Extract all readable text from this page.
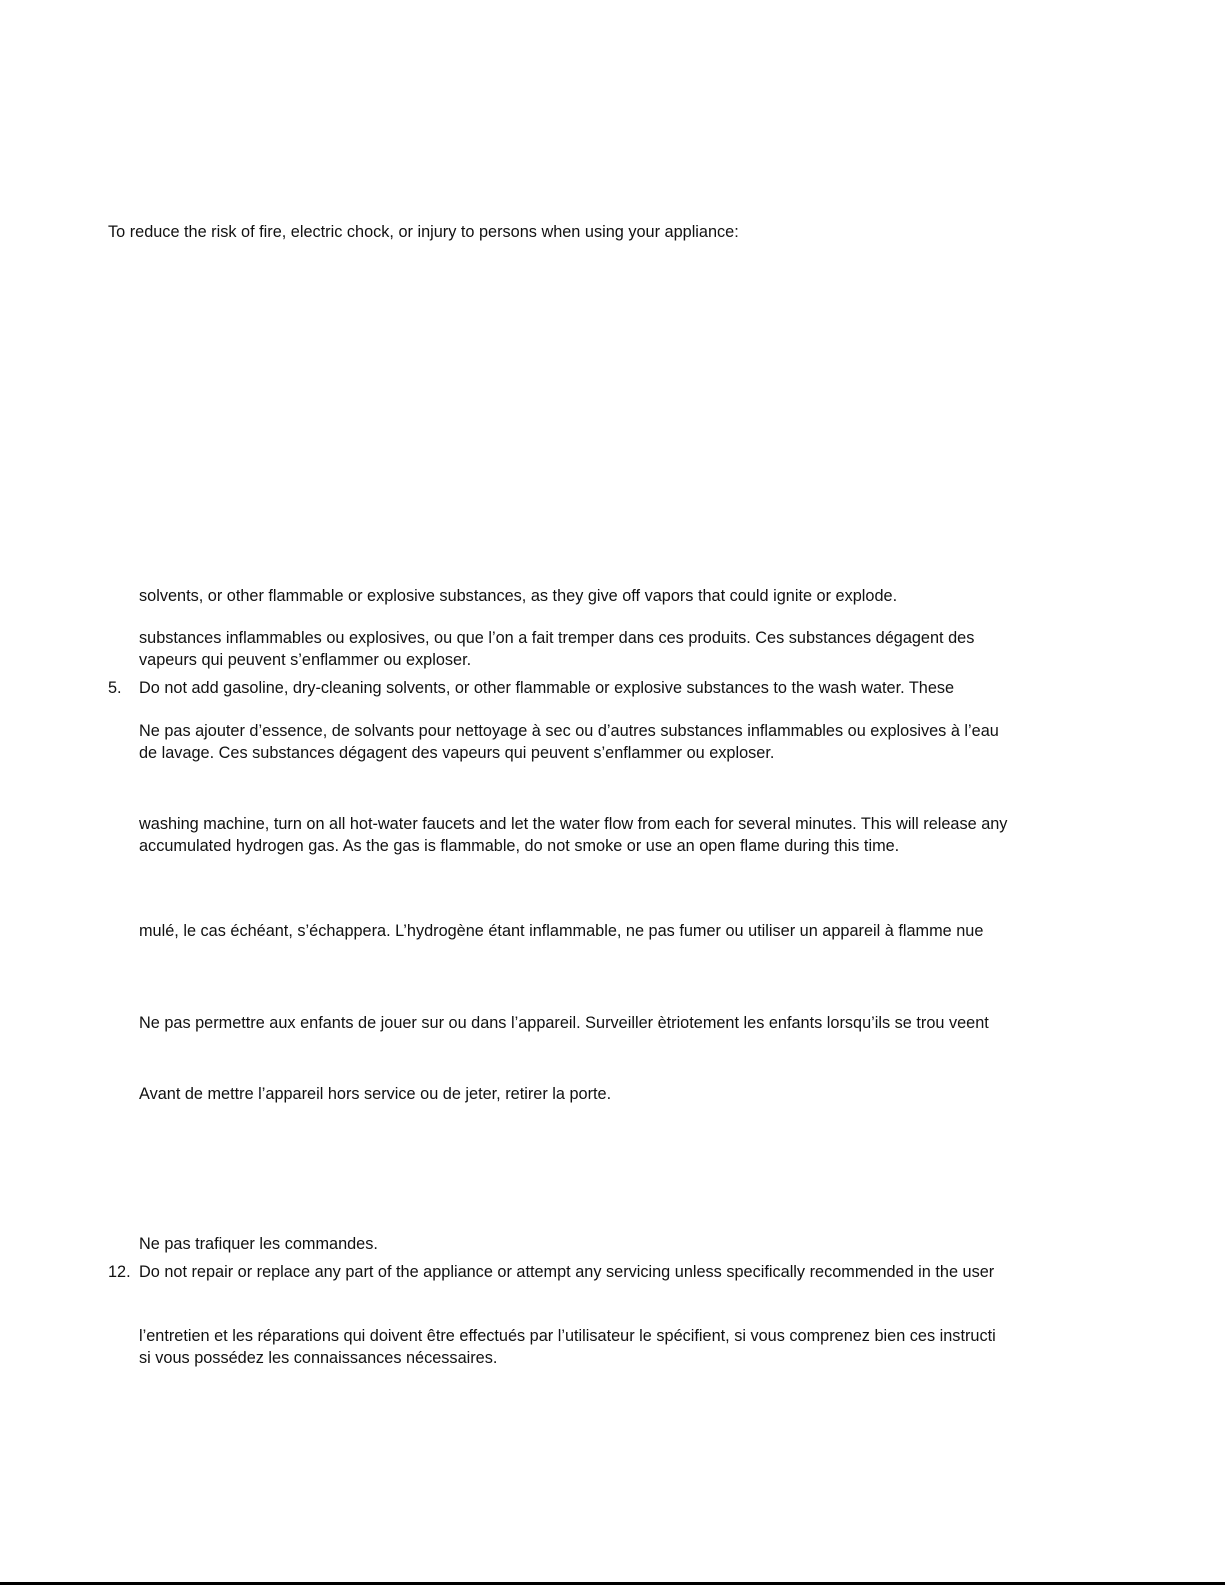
To reduce the risk of fire, electric chock, or injury to persons when using your appliance:
solvents, or other flammable or explosive substances, as they give off vapors that could ignite or explode.
substances inflammables ou explosives, ou que l’on a fait tremper dans ces produits. Ces substances dégagent des
vapeurs qui peuvent s’enflammer ou exploser.
5. Do not add gasoline, dry-cleaning solvents, or other flammable or explosive substances to the wash water. These
Ne pas ajouter d’essence, de solvants pour nettoyage à sec ou d’autres substances inflammables ou explosives à l’eau
de lavage. Ces substances dégagent des vapeurs qui peuvent s’enflammer ou exploser.
washing machine, turn on all hot-water faucets and let the water flow from each for several minutes. This will release any
accumulated hydrogen gas. As the gas is flammable, do not smoke or use an open flame during this time.
mulé, le cas échéant, s’échappera. L’hydrogène étant inflammable, ne pas fumer ou utiliser un appareil à flamme nue
Ne pas permettre aux enfants de jouer sur ou dans l’appareil. Surveiller ètriotement les enfants lorsqu’ils se trou veent
Avant de mettre l’appareil hors service ou de jeter, retirer la porte.
Ne pas trafiquer les commandes.
12. Do not repair or replace any part of the appliance or attempt any servicing unless specifically recommended in the user
l’entretien et les réparations qui doivent être effectués par l’utilisateur le spécifient, si vous comprenez bien ces instructi
si vous possédez les connaissances nécessaires.
